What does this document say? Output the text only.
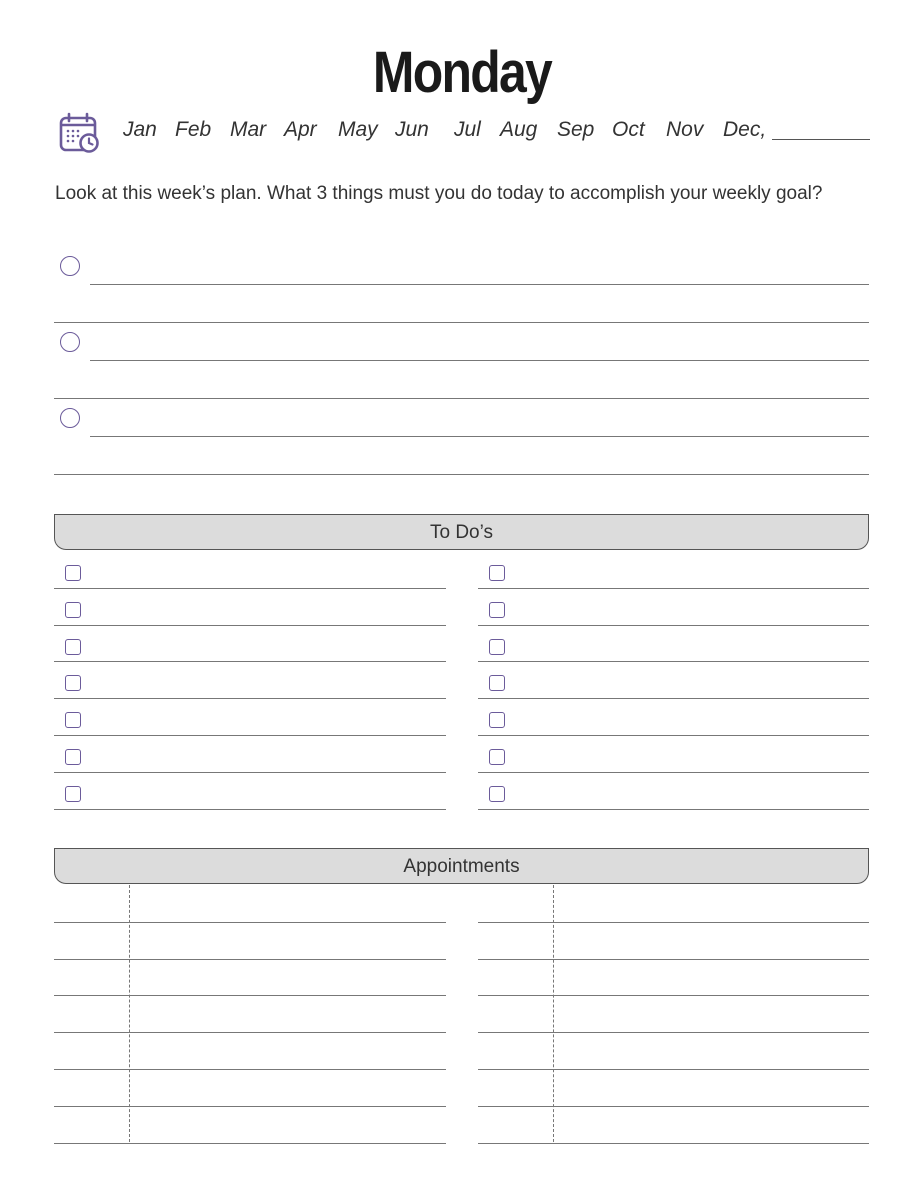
Monday
Jan Feb Mar Apr May Jun Jul Aug Sep Oct Nov Dec,
Look at this week’s plan. What 3 things must you do today to accomplish your weekly goal?
To Do’s
Appointments
